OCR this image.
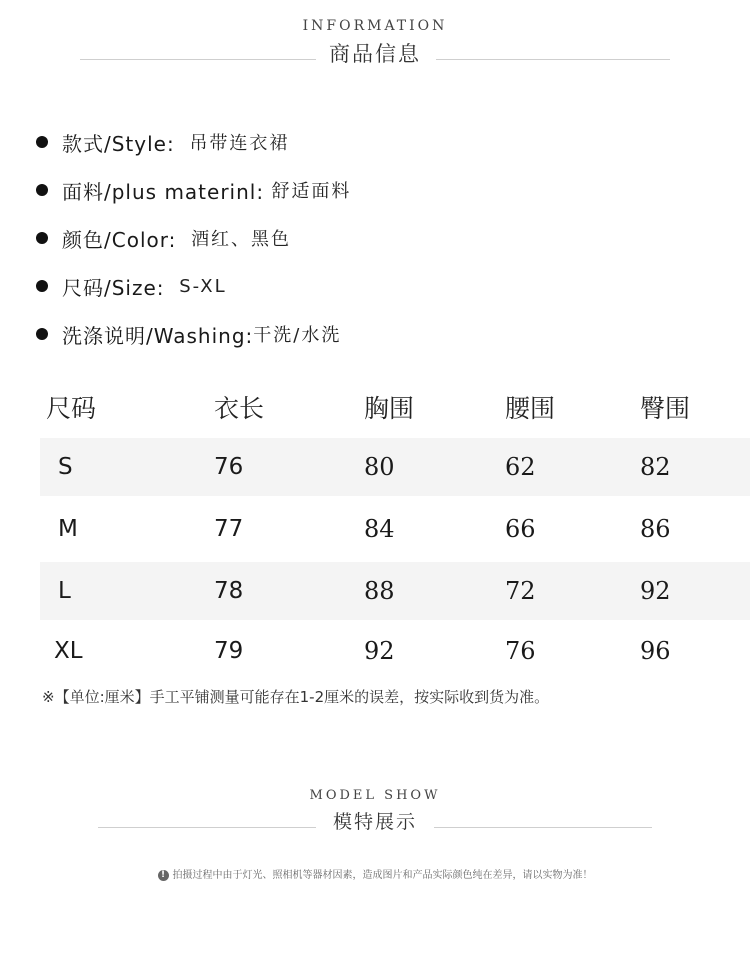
INFORMATION
商品信息
款式/Style: 吊带连衣裙
面料/plus materinl: 舒适面料
颜色/Color: 酒红、黑色
尺码/Size: S-XL
洗涤说明/Washing: 干洗/水洗
尺码	衣长	胸围	腰围	臀围
S	76	80	62	82
M	77	84	66	86
L	78	88	72	92
XL	79	92	76	96
※【单位:厘米】手工平铺测量可能存在1-2厘米的误差，按实际收到货为准。
MODEL SHOW
模特展示
! 拍摄过程中由于灯光、照相机等器材因素，造成图片和产品实际颜色纯在差异，请以实物为准！
